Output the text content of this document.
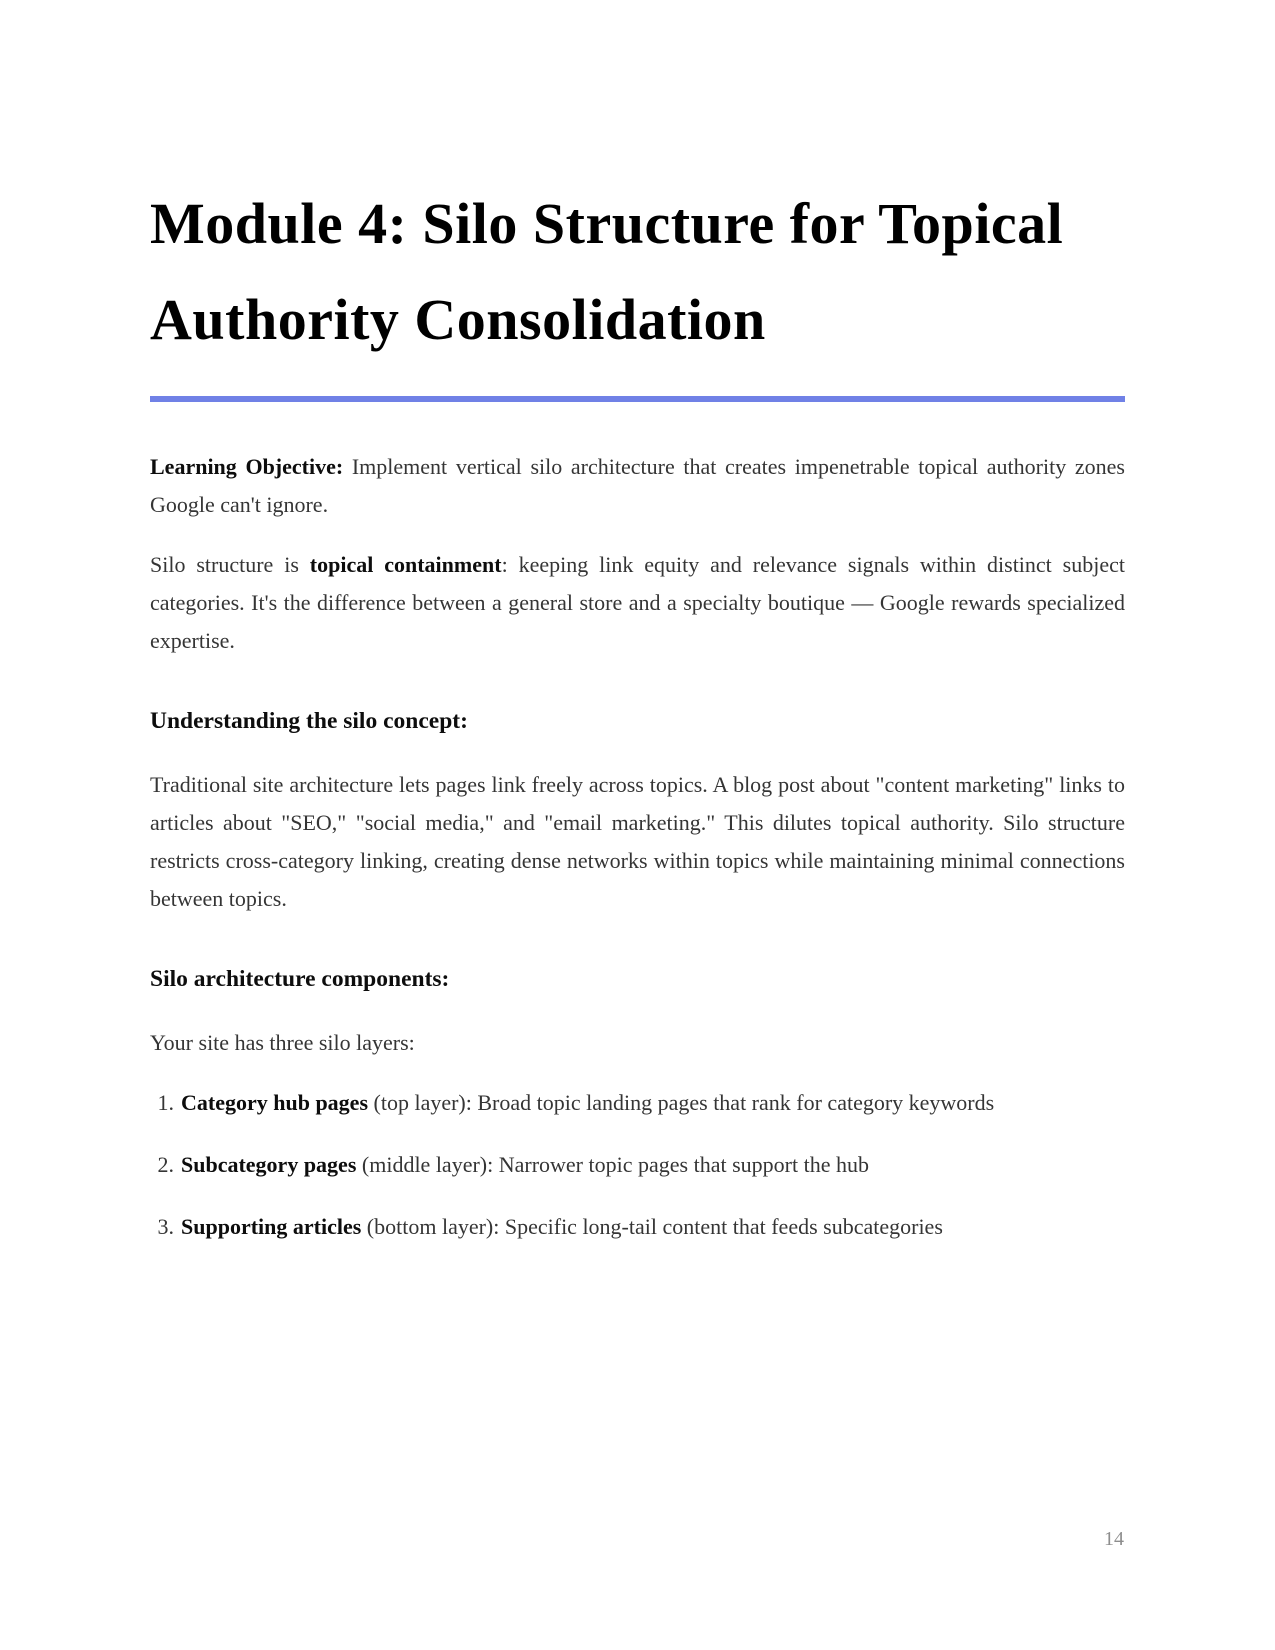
Module 4: Silo Structure for Topical Authority Consolidation

Learning Objective: Implement vertical silo architecture that creates impenetrable topical authority zones Google can't ignore.

Silo structure is topical containment: keeping link equity and relevance signals within distinct subject categories. It's the difference between a general store and a specialty boutique — Google rewards specialized expertise.

Understanding the silo concept:

Traditional site architecture lets pages link freely across topics. A blog post about "content marketing" links to articles about "SEO," "social media," and "email marketing." This dilutes topical authority. Silo structure restricts cross-category linking, creating dense networks within topics while maintaining minimal connections between topics.

Silo architecture components:

Your site has three silo layers:

1. Category hub pages (top layer): Broad topic landing pages that rank for category keywords
2. Subcategory pages (middle layer): Narrower topic pages that support the hub
3. Supporting articles (bottom layer): Specific long-tail content that feeds subcategories
14
